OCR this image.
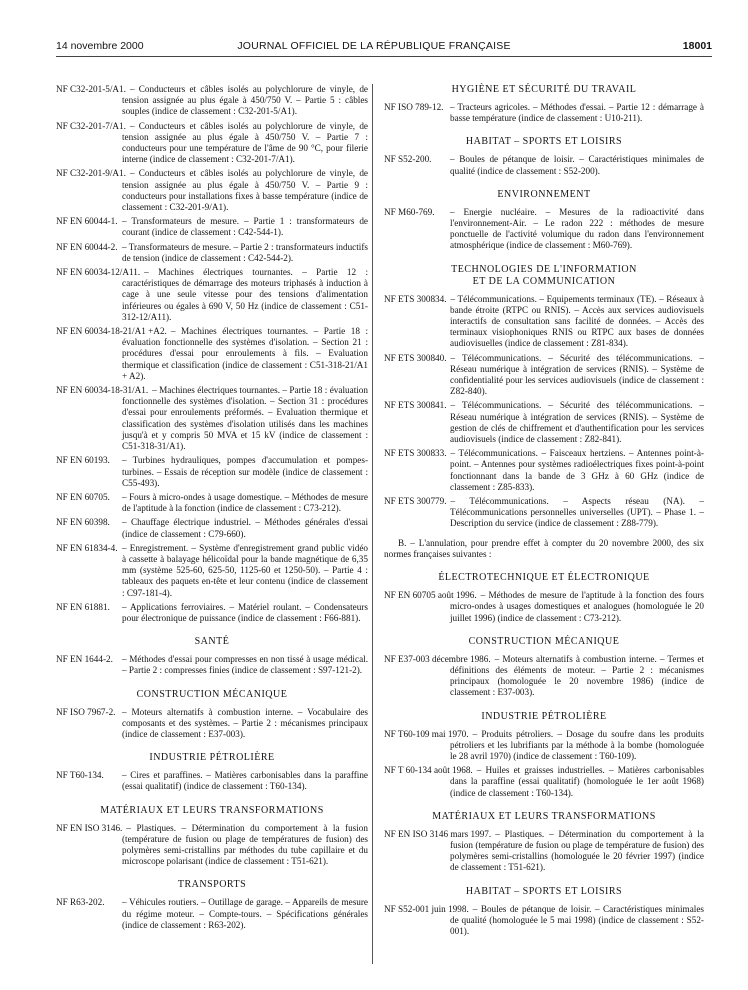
14 novembre 2000	JOURNAL OFFICIEL DE LA RÉPUBLIQUE FRANÇAISE	18001
NF C32-201-5/A1. – Conducteurs et câbles isolés au polychlorure de vinyle, de tension assignée au plus égale à 450/750 V. – Partie 5 : câbles souples (indice de classement : C32-201-5/A1).
NF C32-201-7/A1. – Conducteurs et câbles isolés au polychlorure de vinyle, de tension assignée au plus égale à 450/750 V. – Partie 7 : conducteurs pour une température de l'âme de 90 °C, pour filerie interne (indice de classement : C32-201-7/A1).
NF C32-201-9/A1. – Conducteurs et câbles isolés au polychlorure de vinyle, de tension assignée au plus égale à 450/750 V. – Partie 9 : conducteurs pour installations fixes à basse température (indice de classement : C32-201-9/A1).
NF EN 60044-1. – Transformateurs de mesure. – Partie 1 : transformateurs de courant (indice de classement : C42-544-1).
NF EN 60044-2. – Transformateurs de mesure. – Partie 2 : transformateurs inductifs de tension (indice de classement : C42-544-2).
NF EN 60034-12/A11. – Machines électriques tournantes. – Partie 12 : caractéristiques de démarrage des moteurs triphasés à induction à cage à une seule vitesse pour des tensions d'alimentation inférieures ou égales à 690 V, 50 Hz (indice de classement : C51-312-12/A11).
NF EN 60034-18-21/A1 +A2. – Machines électriques tournantes. – Partie 18 : évaluation fonctionnelle des systèmes d'isolation. – Section 21 : procédures d'essai pour enroulements à fils. – Evaluation thermique et classification (indice de classement : C51-318-21/A1 + A2).
NF EN 60034-18-31/A1. – Machines électriques tournantes. – Partie 18 : évaluation fonctionnelle des systèmes d'isolation. – Section 31 : procédures d'essai pour enroulements préformés. – Evaluation thermique et classification des systèmes d'isolation utilisés dans les machines jusqu'à et y compris 50 MVA et 15 kV (indice de classement : C51-318-31/A1).
NF EN 60193. – Turbines hydrauliques, pompes d'accumulation et pompes-turbines. – Essais de réception sur modèle (indice de classement : C55-493).
NF EN 60705. – Fours à micro-ondes à usage domestique. – Méthodes de mesure de l'aptitude à la fonction (indice de classement : C73-212).
NF EN 60398. – Chauffage électrique industriel. – Méthodes générales d'essai (indice de classement : C79-660).
NF EN 61834-4. – Enregistrement. – Système d'enregistrement grand public vidéo à cassette à balayage hélicoïdal pour la bande magnétique de 6,35 mm (système 525-60, 625-50, 1125-60 et 1250-50). – Partie 4 : tableaux des paquets en-tête et leur contenu (indice de classement : C97-181-4).
NF EN 61881. – Applications ferroviaires. – Matériel roulant. – Condensateurs pour électronique de puissance (indice de classement : F66-881).
SANTÉ
NF EN 1644-2. – Méthodes d'essai pour compresses en non tissé à usage médical. – Partie 2 : compresses finies (indice de classement : S97-121-2).
CONSTRUCTION MÉCANIQUE
NF ISO 7967-2. – Moteurs alternatifs à combustion interne. – Vocabulaire des composants et des systèmes. – Partie 2 : mécanismes principaux (indice de classement : E37-003).
INDUSTRIE PÉTROLIÈRE
NF T60-134. – Cires et paraffines. – Matières carbonisables dans la paraffine (essai qualitatif) (indice de classement : T60-134).
MATÉRIAUX ET LEURS TRANSFORMATIONS
NF EN ISO 3146. – Plastiques. – Détermination du comportement à la fusion (température de fusion ou plage de températures de fusion) des polymères semi-cristallins par méthodes du tube capillaire et du microscope polarisant (indice de classement : T51-621).
TRANSPORTS
NF R63-202. – Véhicules routiers. – Outillage de garage. – Appareils de mesure du régime moteur. – Compte-tours. – Spécifications générales (indice de classement : R63-202).
HYGIÈNE ET SÉCURITÉ DU TRAVAIL
NF ISO 789-12. – Tracteurs agricoles. – Méthodes d'essai. – Partie 12 : démarrage à basse température (indice de classement : U10-211).
HABITAT – SPORTS ET LOISIRS
NF S52-200. – Boules de pétanque de loisir. – Caractéristiques minimales de qualité (indice de classement : S52-200).
ENVIRONNEMENT
NF M60-769. – Energie nucléaire. – Mesures de la radioactivité dans l'environnement-Air. – Le radon 222 : méthodes de mesure ponctuelle de l'activité volumique du radon dans l'environnement atmosphérique (indice de classement : M60-769).
TECHNOLOGIES DE L'INFORMATION
ET DE LA COMMUNICATION
NF ETS 300834. – Télécommunications. – Equipements terminaux (TE). – Réseaux à bande étroite (RTPC ou RNIS). – Accès aux services audiovisuels interactifs de consultation sans facilité de données. – Accès des terminaux visiophoniques RNIS ou RTPC aux bases de données audiovisuelles (indice de classement : Z81-834).
NF ETS 300840. – Télécommunications. – Sécurité des télécommunications. – Réseau numérique à intégration de services (RNIS). – Système de confidentialité pour les services audiovisuels (indice de classement : Z82-840).
NF ETS 300841. – Télécommunications. – Sécurité des télécommunications. – Réseau numérique à intégration de services (RNIS). – Système de gestion de clés de chiffrement et d'authentification pour les services audiovisuels (indice de classement : Z82-841).
NF ETS 300833. – Télécommunications. – Faisceaux hertziens. – Antennes point-à-point. – Antennes pour systèmes radioélectriques fixes point-à-point fonctionnant dans la bande de 3 GHz à 60 GHz (indice de classement : Z85-833).
NF ETS 300779. – Télécommunications. – Aspects réseau (NA). – Télécommunications personnelles universelles (UPT). – Phase 1. – Description du service (indice de classement : Z88-779).
B. – L'annulation, pour prendre effet à compter du 20 novembre 2000, des six normes françaises suivantes :
ÉLECTROTECHNIQUE ET ÉLECTRONIQUE
NF EN 60705 août 1996. – Méthodes de mesure de l'aptitude à la fonction des fours micro-ondes à usages domestiques et analogues (homologuée le 20 juillet 1996) (indice de classement : C73-212).
CONSTRUCTION MÉCANIQUE
NF E37-003 décembre 1986. – Moteurs alternatifs à combustion interne. – Termes et définitions des éléments de moteur. – Partie 2 : mécanismes principaux (homologuée le 20 novembre 1986) (indice de classement : E37-003).
INDUSTRIE PÉTROLIÈRE
NF T60-109 mai 1970. – Produits pétroliers. – Dosage du soufre dans les produits pétroliers et les lubrifiants par la méthode à la bombe (homologuée le 28 avril 1970) (indice de classement : T60-109).
NF T 60-134 août 1968. – Huiles et graisses industrielles. – Matières carbonisables dans la paraffine (essai qualitatif) (homologuée le 1er août 1968) (indice de classement : T60-134).
MATÉRIAUX ET LEURS TRANSFORMATIONS
NF EN ISO 3146 mars 1997. – Plastiques. – Détermination du comportement à la fusion (température de fusion ou plage de température de fusion) des polymères semi-cristallins (homologuée le 20 février 1997) (indice de classement : T51-621).
HABITAT – SPORTS ET LOISIRS
NF S52-001 juin 1998. – Boules de pétanque de loisir. – Caractéristiques minimales de qualité (homologuée le 5 mai 1998) (indice de classement : S52-001).
